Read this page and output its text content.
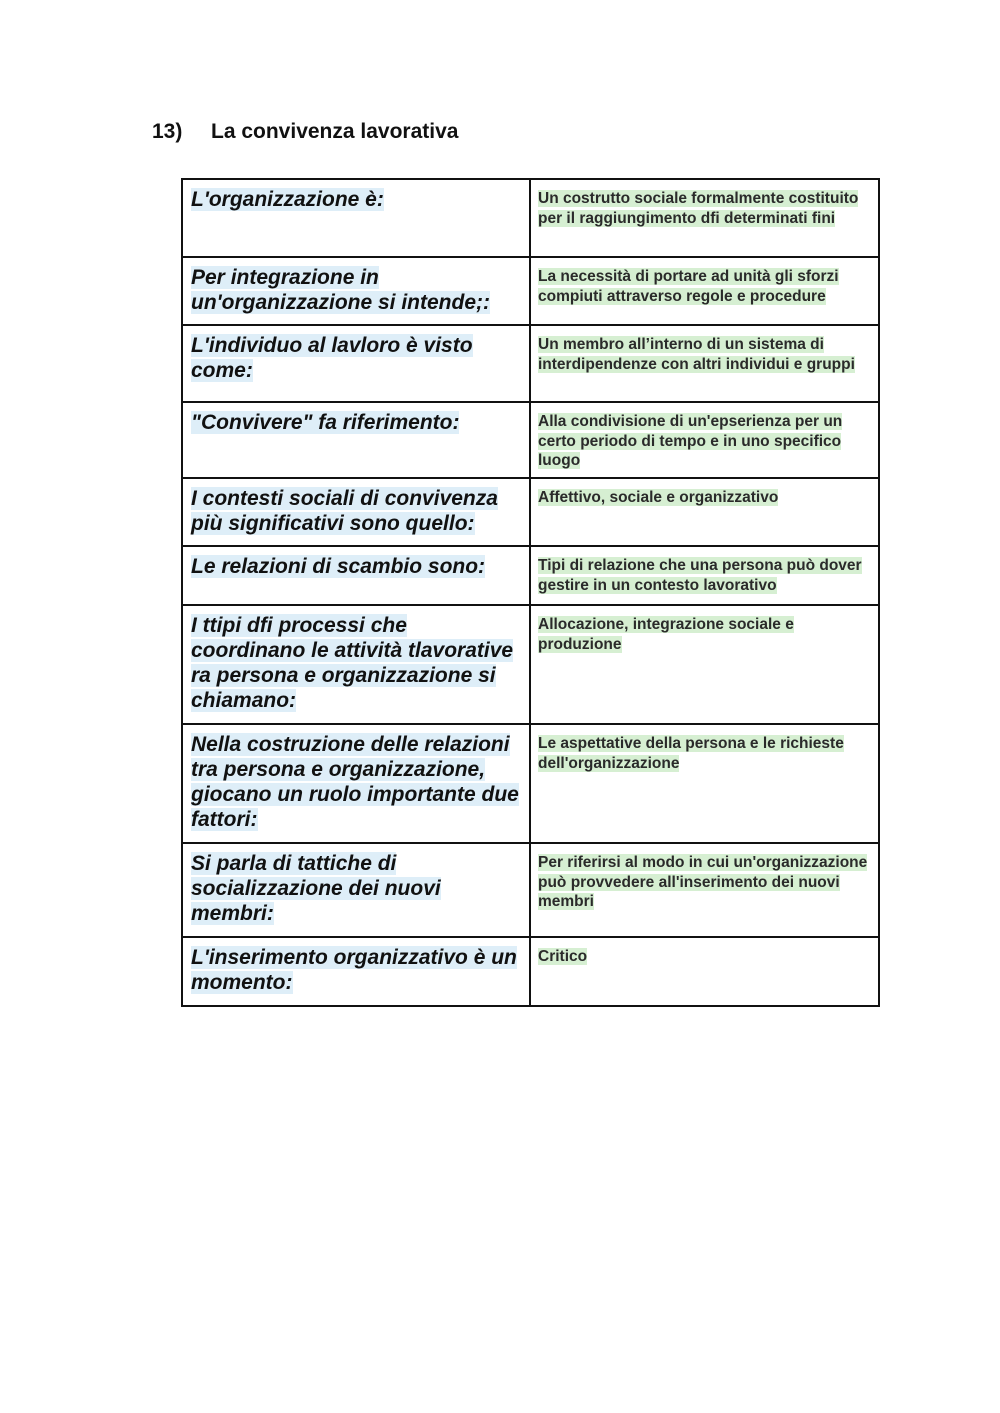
13) La convivenza lavorativa
L'organizzazione è:	Un costrutto sociale formalmente costituito per il raggiungimento dfi determinati fini
Per integrazione in un'organizzazione si intende;:	La necessità di portare ad unità gli sforzi compiuti attraverso regole e procedure
L'individuo al lavloro è visto come:	Un membro all’interno di un sistema di interdipendenze con altri individui e gruppi
"Convivere" fa riferimento:	Alla condivisione di un'epserienza per un certo periodo di tempo e in uno specifico luogo
I contesti sociali di convivenza più significativi sono quello:	Affettivo, sociale e organizzativo
Le relazioni di scambio sono:	Tipi di relazione che una persona può dover gestire in un contesto lavorativo
I ttipi dfi processi che coordinano le attività tlavorative ra persona e organizzazione si chiamano:	Allocazione, integrazione sociale e produzione
Nella costruzione delle relazioni tra persona e organizzazione, giocano un ruolo importante due fattori:	Le aspettative della persona e le richieste dell'organizzazione
Si parla di tattiche di socializzazione dei nuovi membri:	Per riferirsi al modo in cui un'organizzazione può provvedere all'inserimento dei nuovi membri
L'inserimento organizzativo è un momento:	Critico
